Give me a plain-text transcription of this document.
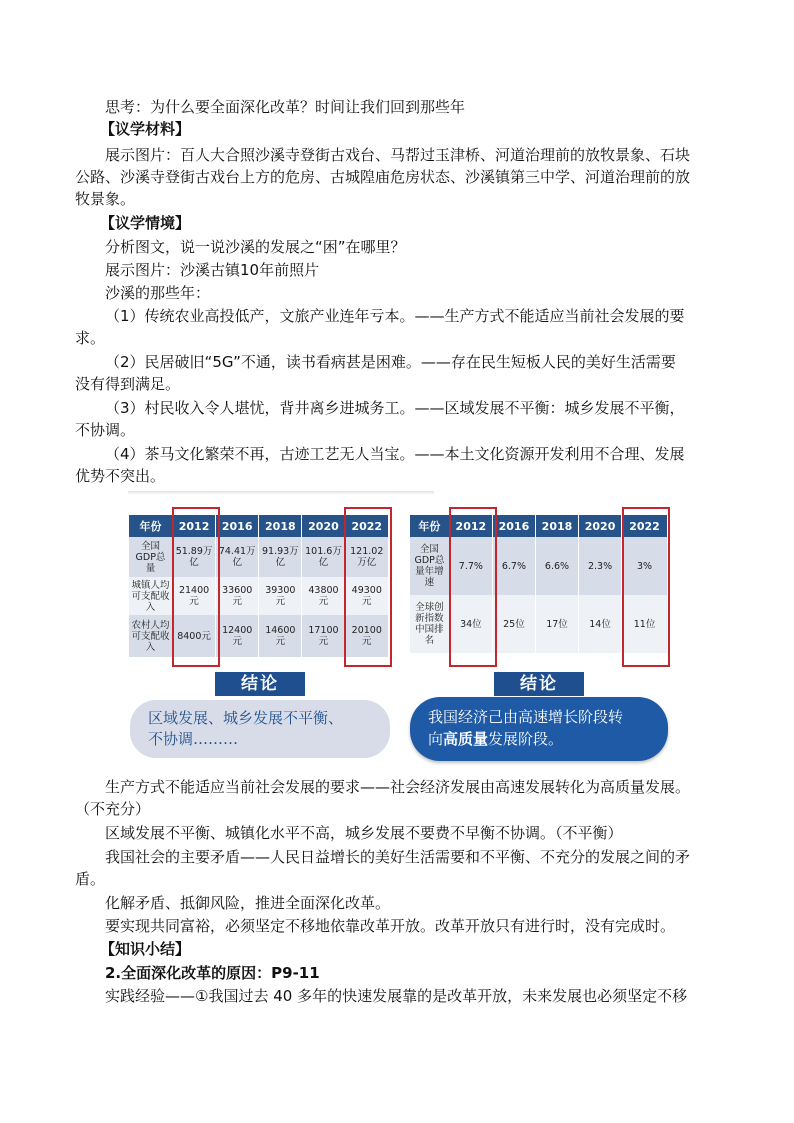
思考：为什么要全面深化改革？时间让我们回到那些年
【议学材料】
展示图片：百人大合照沙溪寺登街古戏台、马帮过玉津桥、河道治理前的放牧景象、石块
公路、沙溪寺登街古戏台上方的危房、古城隍庙危房状态、沙溪镇第三中学、河道治理前的放
牧景象。
【议学情境】
分析图文，说一说沙溪的发展之“困”在哪里？
展示图片：沙溪古镇10年前照片
沙溪的那些年：
（1）传统农业高投低产，文旅产业连年亏本。——生产方式不能适应当前社会发展的要
求。
（2）民居破旧“5G”不通，读书看病甚是困难。——存在民生短板人民的美好生活需要
没有得到满足。
（3）村民收入令人堪忧，背井离乡进城务工。——区域发展不平衡：城乡发展不平衡，
不协调。
（4）茶马文化繁荣不再，古迹工艺无人当宝。——本土文化资源开发利用不合理、发展
优势不突出。
年份	2012	2016	2018	2020	2022
全国GDP总量	51.89万亿	74.41万亿	91.93万亿	101.6万亿	121.02万亿
城镇人均可支配收入	21400元	33600元	39300元	43800元	49300元
农村人均可支配收入	8400元	12400元	14600元	17100元	20100元
年份	2012	2016	2018	2020	2022
全国GDP总量年增速	7.7%	6.7%	6.6%	2.3%	3%
全球创新指数中国排名	34位	25位	17位	14位	11位
结论	结论
区域发展、城乡发展不平衡、
不协调………
我国经济己由高速增长阶段转
向高质量发展阶段。
生产方式不能适应当前社会发展的要求——社会经济发展由高速发展转化为高质量发展。
（不充分）
区域发展不平衡、城镇化水平不高，城乡发展不要费不早衡不协调。（不平衡）
我国社会的主要矛盾——人民日益增长的美好生活需要和不平衡、不充分的发展之间的矛
盾。
化解矛盾、抵御风险，推进全面深化改革。
要实现共同富裕，必须坚定不移地依靠改革开放。改革开放只有进行时，没有完成时。
【知识小结】
2.全面深化改革的原因：P9-11
实践经验——①我国过去 40 多年的快速发展靠的是改革开放，未来发展也必须坚定不移
